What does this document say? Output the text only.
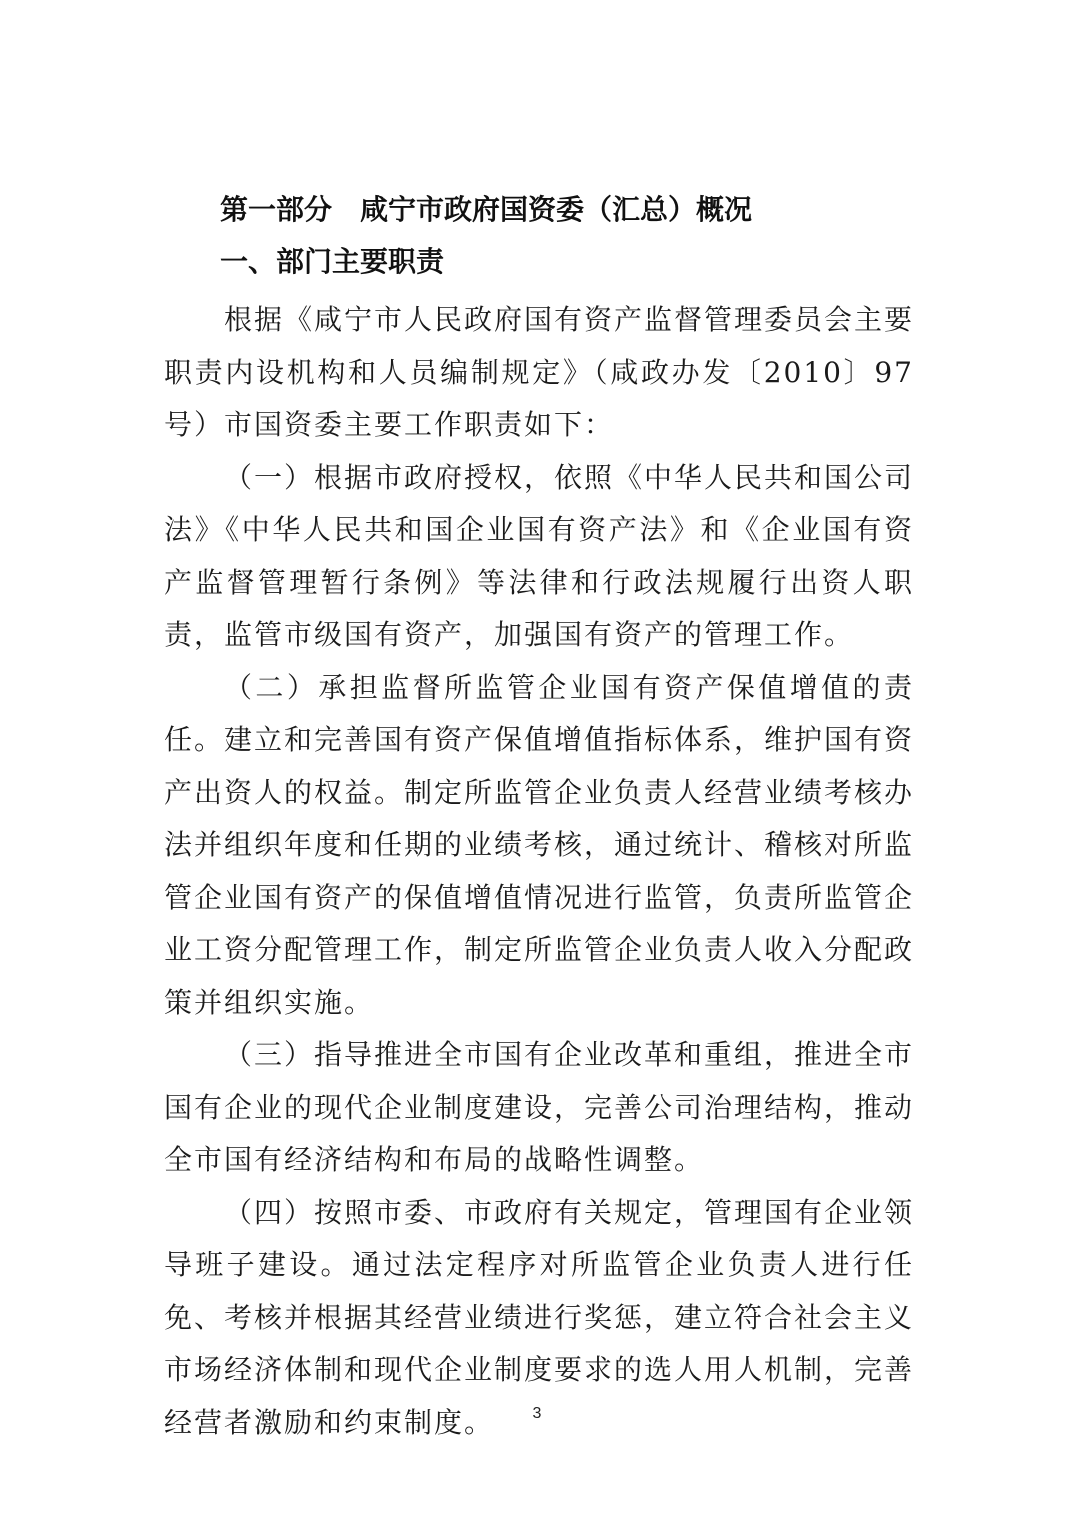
第一部分　咸宁市政府国资委（汇总）概况
一、部门主要职责

根据《咸宁市人民政府国有资产监督管理委员会主要职责内设机构和人员编制规定》（咸政办发〔2010〕97号）市国资委主要工作职责如下：

（一）根据市政府授权，依照《中华人民共和国公司法》《中华人民共和国企业国有资产法》和《企业国有资产监督管理暂行条例》等法律和行政法规履行出资人职责，监管市级国有资产，加强国有资产的管理工作。

（二）承担监督所监管企业国有资产保值增值的责任。建立和完善国有资产保值增值指标体系，维护国有资产出资人的权益。制定所监管企业负责人经营业绩考核办法并组织年度和任期的业绩考核，通过统计、稽核对所监管企业国有资产的保值增值情况进行监管，负责所监管企业工资分配管理工作，制定所监管企业负责人收入分配政策并组织实施。

（三）指导推进全市国有企业改革和重组，推进全市国有企业的现代企业制度建设，完善公司治理结构，推动全市国有经济结构和布局的战略性调整。

（四）按照市委、市政府有关规定，管理国有企业领导班子建设。通过法定程序对所监管企业负责人进行任免、考核并根据其经营业绩进行奖惩，建立符合社会主义市场经济体制和现代企业制度要求的选人用人机制，完善经营者激励和约束制度。	3
